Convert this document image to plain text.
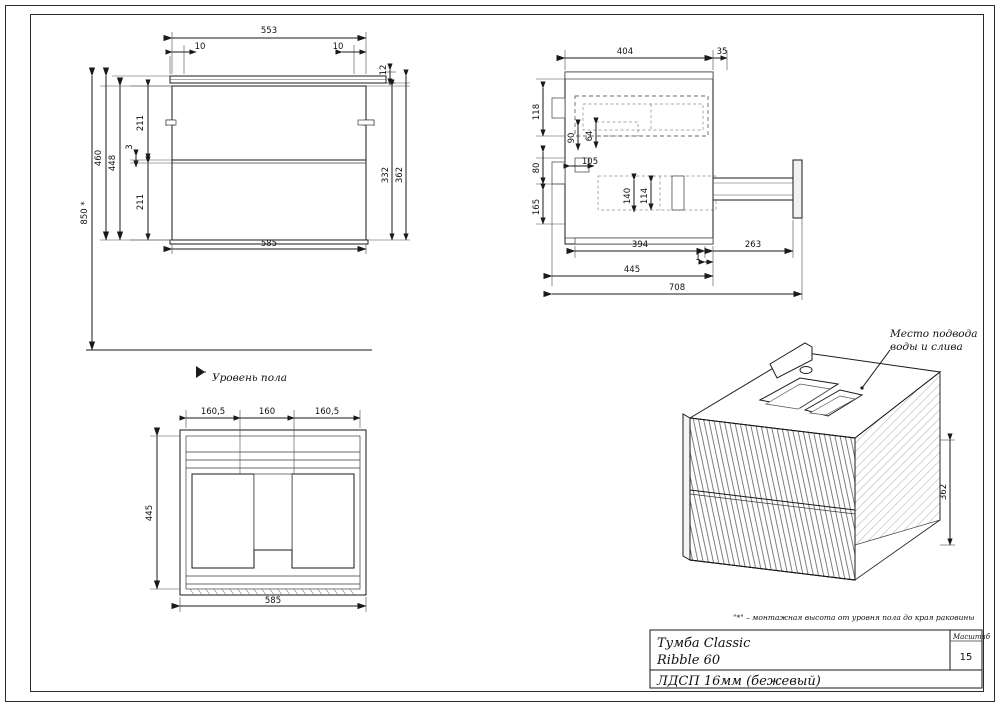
553
10	10
12
850 *
460 448
211
3
211
332 362
585
Уровень пола
404	35
118
80
165
105
90 64
140 114
394	263
1
445
708
160,5	160	160,5
445
585
Место подвода
воды и слива
362
"*" – монтажная высота от уровня пола до края раковины
Тумба Classic
Ribble 60
Масштаб
15
ЛДСП 16мм (бежевый)
